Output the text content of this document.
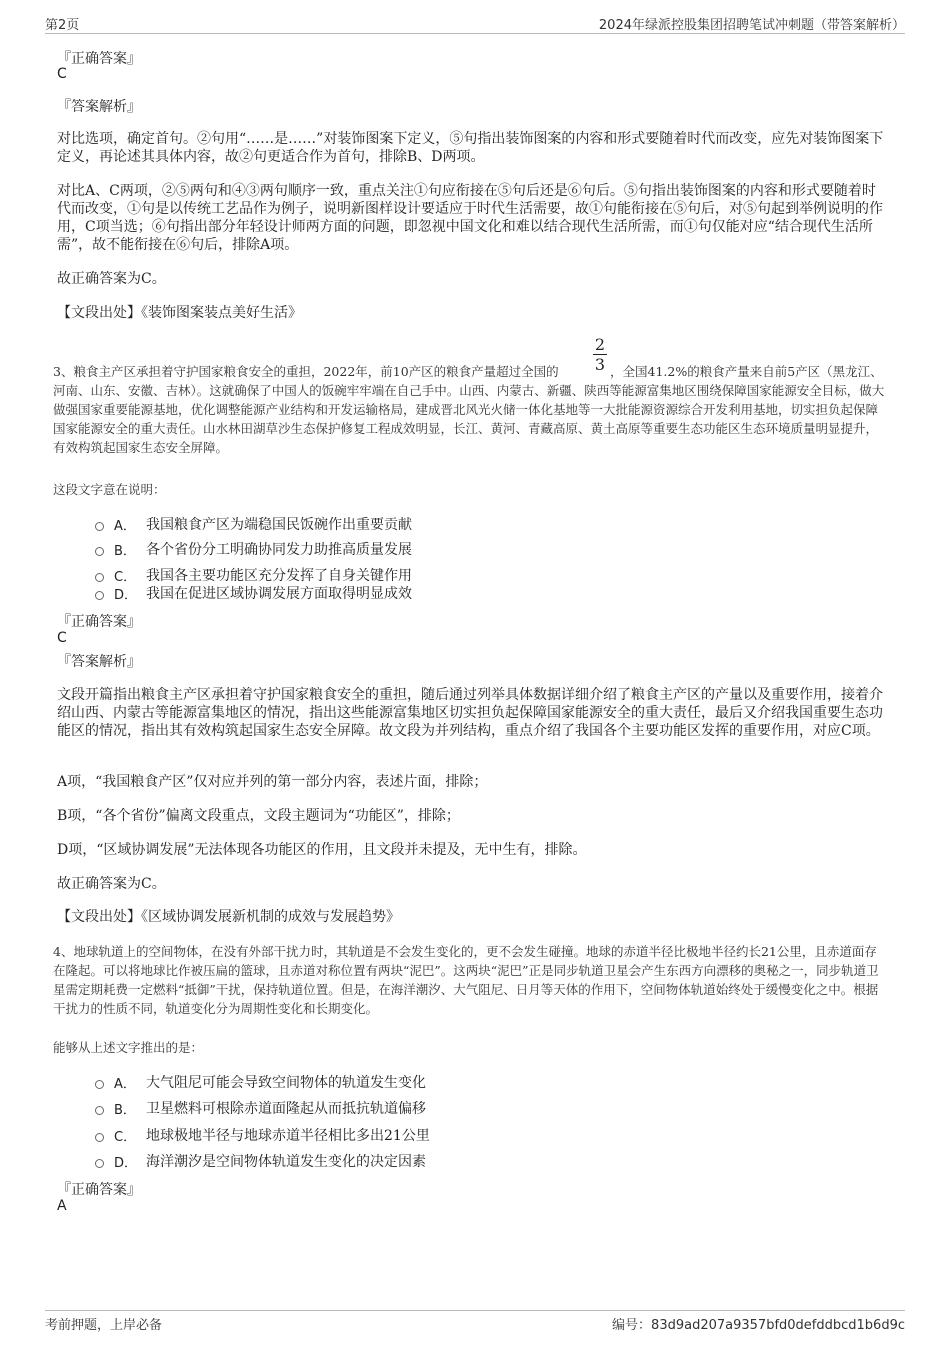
第2页	2024年绿派控股集团招聘笔试冲刺题（带答案解析）
『正确答案』
C
『答案解析』

对比选项，确定首句。②句用“……是……”对装饰图案下定义，⑤句指出装饰图案的内容和形式要随着时代而改变，应先对装饰图案下定义，再论述其具体内容，故②句更适合作为首句，排除B、D两项。

对比A、C两项，②⑤两句和④③两句顺序一致，重点关注①句应衔接在⑤句后还是⑥句后。⑤句指出装饰图案的内容和形式要随着时代而改变，①句是以传统工艺品作为例子，说明新图样设计要适应于时代生活需要，故①句能衔接在⑤句后，对⑤句起到举例说明的作用，C项当选；⑥句指出部分年轻设计师两方面的问题，即忽视中国文化和难以结合现代生活所需，而①句仅能对应“结合现代生活所需”，故不能衔接在⑥句后，排除A项。

故正确答案为C。

【文段出处】《装饰图案装点美好生活》

2
3
3、粮食主产区承担着守护国家粮食安全的重担，2022年，前10产区的粮食产量超过全国的	，全国41.2%的粮食产量来自前5产区（黑龙江、河南、山东、安徽、吉林）。这就确保了中国人的饭碗牢牢端在自己手中。山西、内蒙古、新疆、陕西等能源富集地区围绕保障国家能源安全目标，做大做强国家重要能源基地，优化调整能源产业结构和开发运输格局，建成晋北风光火储一体化基地等一大批能源资源综合开发利用基地，切实担负起保障国家能源安全的重大责任。山水林田湖草沙生态保护修复工程成效明显，长江、黄河、青藏高原、黄土高原等重要生态功能区生态环境质量明显提升，有效构筑起国家生态安全屏障。
这段文字意在说明：
A． 我国粮食产区为端稳国民饭碗作出重要贡献
B． 各个省份分工明确协同发力助推高质量发展
C． 我国各主要功能区充分发挥了自身关键作用
D． 我国在促进区域协调发展方面取得明显成效
『正确答案』
C
『答案解析』

文段开篇指出粮食主产区承担着守护国家粮食安全的重担，随后通过列举具体数据详细介绍了粮食主产区的产量以及重要作用，接着介绍山西、内蒙古等能源富集地区的情况，指出这些能源富集地区切实担负起保障国家能源安全的重大责任，最后又介绍我国重要生态功能区的情况，指出其有效构筑起国家生态安全屏障。故文段为并列结构，重点介绍了我国各个主要功能区发挥的重要作用，对应C项。

A项，“我国粮食产区”仅对应并列的第一部分内容，表述片面，排除；

B项，“各个省份”偏离文段重点，文段主题词为“功能区”，排除；

D项，“区域协调发展”无法体现各功能区的作用，且文段并未提及，无中生有，排除。

故正确答案为C。

【文段出处】《区域协调发展新机制的成效与发展趋势》

4、地球轨道上的空间物体，在没有外部干扰力时，其轨道是不会发生变化的，更不会发生碰撞。地球的赤道半径比极地半径约长21公里，且赤道面存在隆起。可以将地球比作被压扁的篮球，且赤道对称位置有两块“泥巴”。这两块“泥巴”正是同步轨道卫星会产生东西方向漂移的奥秘之一，同步轨道卫星需定期耗费一定燃料“抵御”干扰，保持轨道位置。但是，在海洋潮汐、大气阻尼、日月等天体的作用下，空间物体轨道始终处于缓慢变化之中。根据干扰力的性质不同，轨道变化分为周期性变化和长期变化。
能够从上述文字推出的是：
A． 大气阻尼可能会导致空间物体的轨道发生变化
B． 卫星燃料可根除赤道面隆起从而抵抗轨道偏移
C． 地球极地半径与地球赤道半径相比多出21公里
D． 海洋潮汐是空间物体轨道发生变化的决定因素
『正确答案』
A
考前押题，上岸必备	编号：83d9ad207a9357bfd0defddbcd1b6d9c
